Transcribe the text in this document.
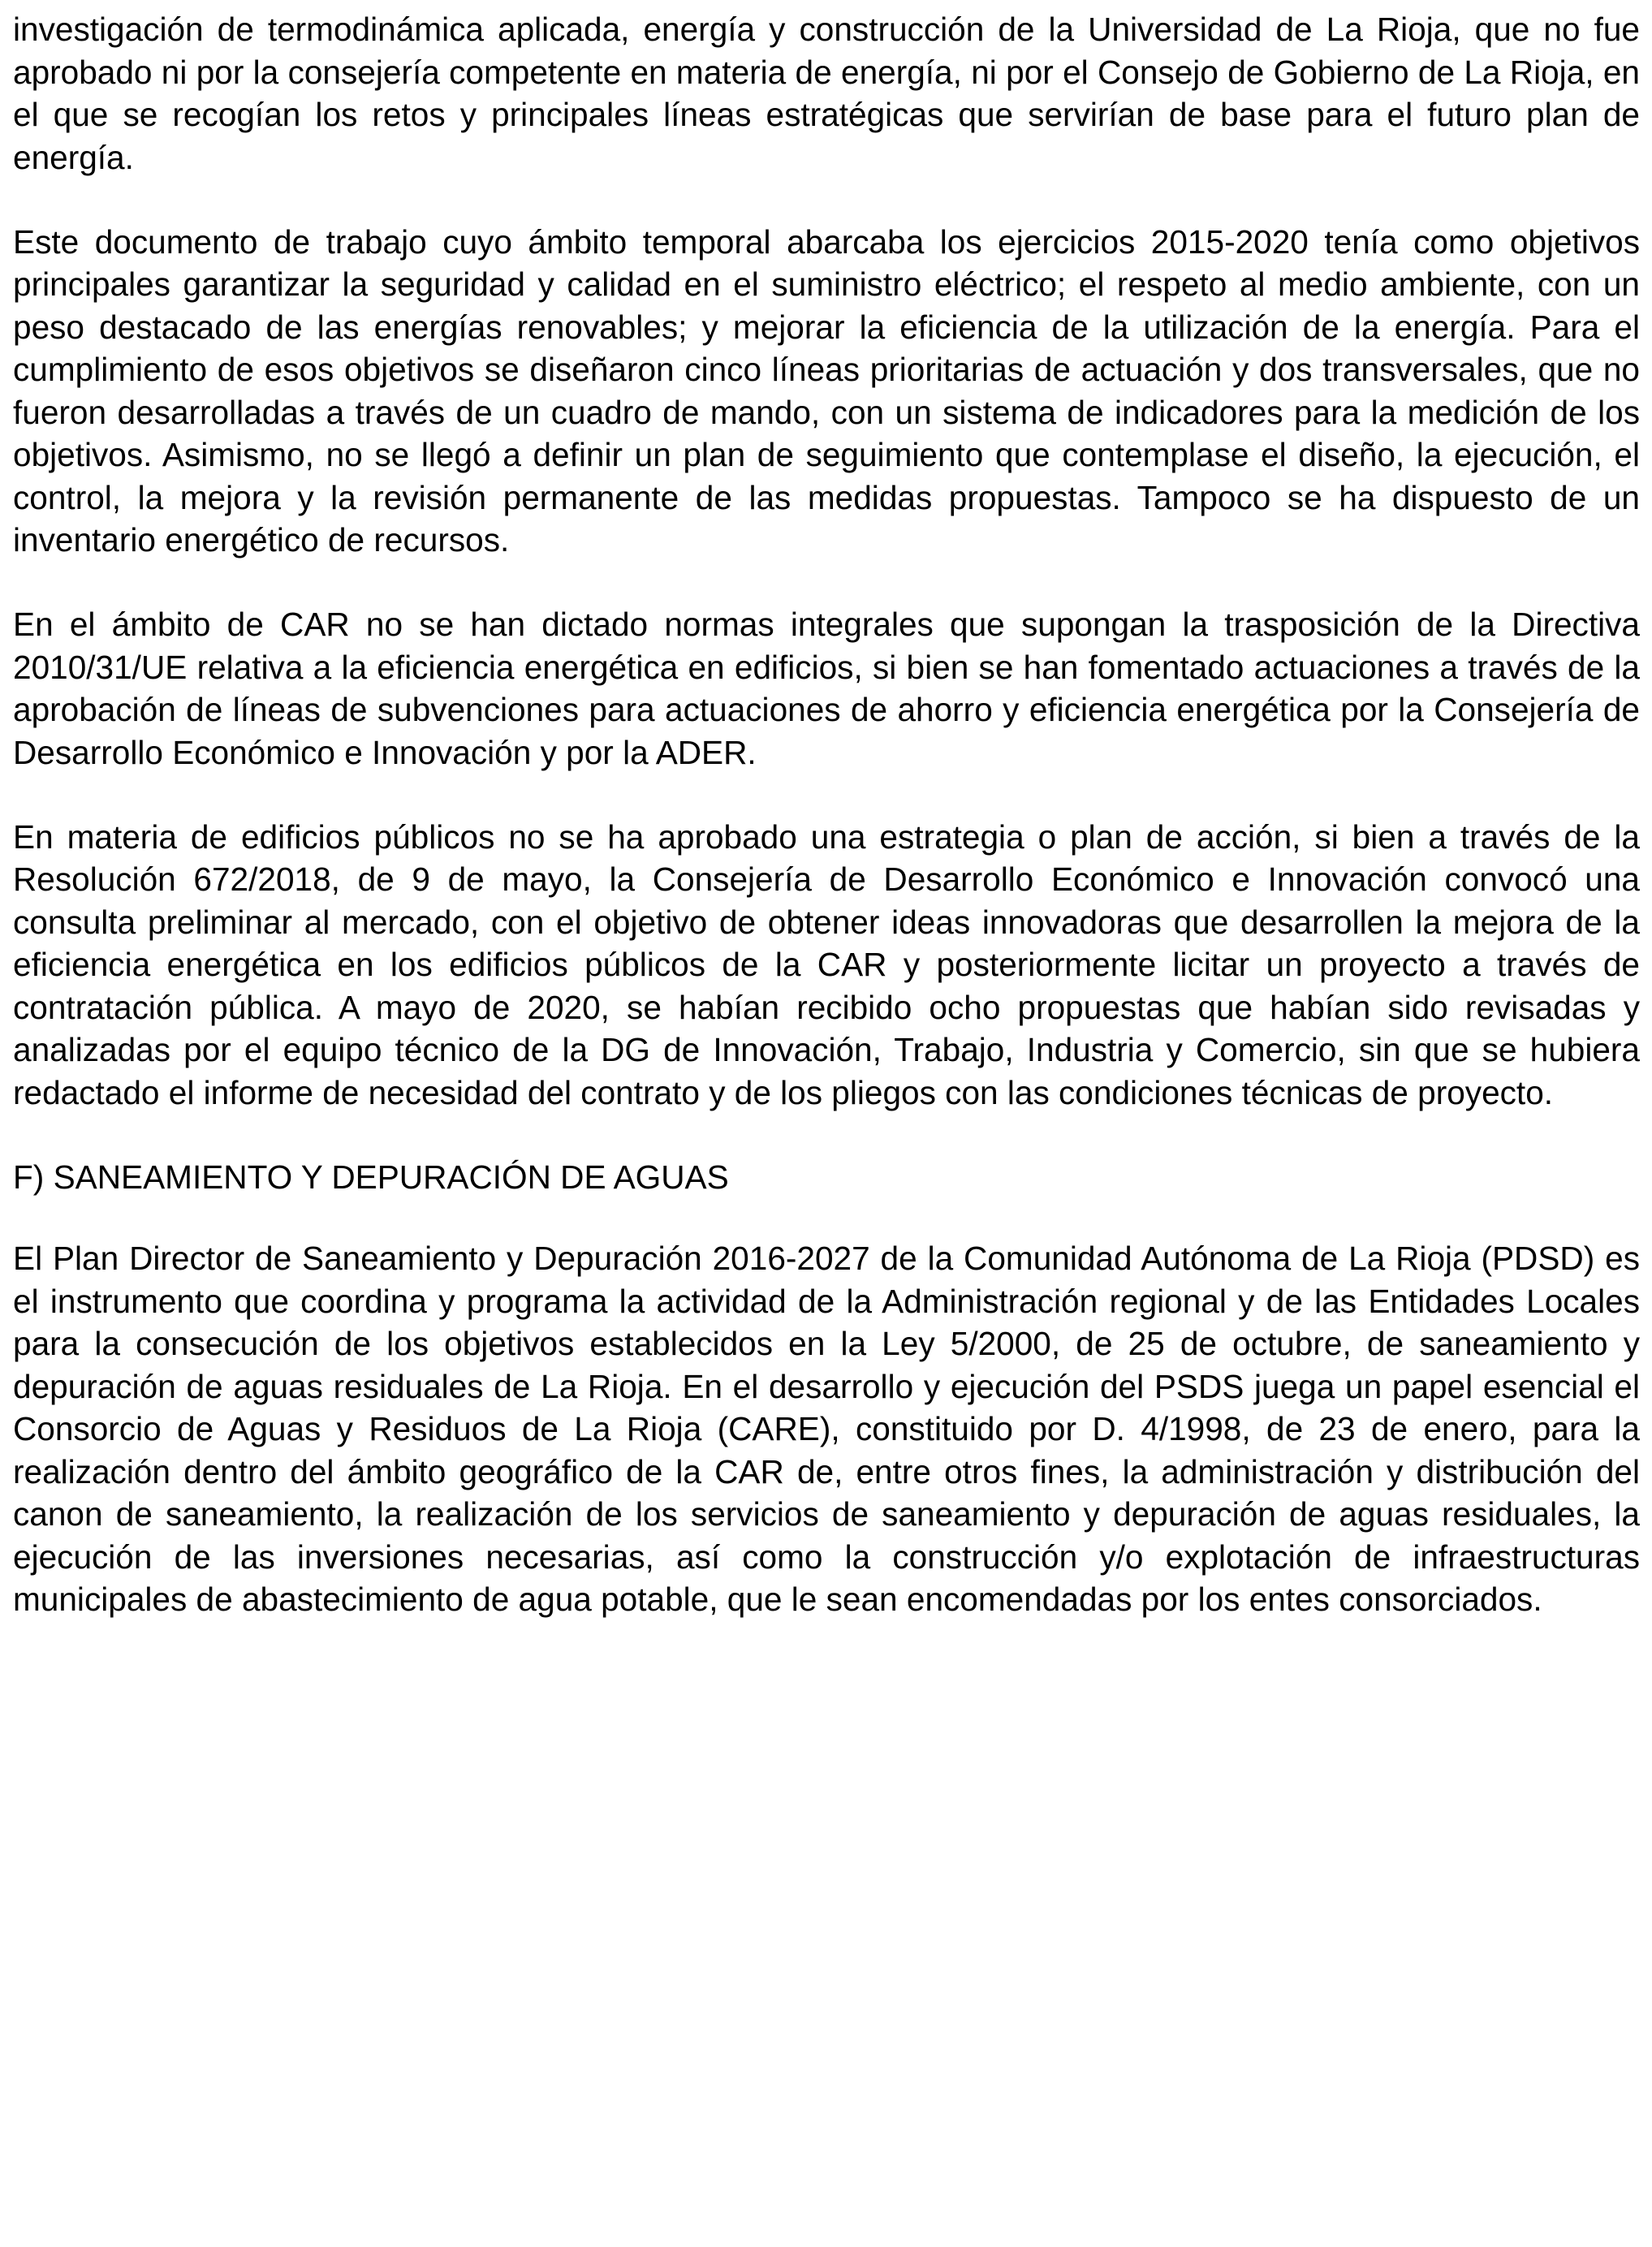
investigación de termodinámica aplicada, energía y construcción de la Universidad de La Rioja, que no fue aprobado ni por la consejería competente en materia de energía, ni por el Consejo de Gobierno de La Rioja, en el que se recogían los retos y principales líneas estratégicas que servirían de base para el futuro plan de energía.

Este documento de trabajo cuyo ámbito temporal abarcaba los ejercicios 2015-2020 tenía como objetivos principales garantizar la seguridad y calidad en el suministro eléctrico; el respeto al medio ambiente, con un peso destacado de las energías renovables; y mejorar la eficiencia de la utilización de la energía. Para el cumplimiento de esos objetivos se diseñaron cinco líneas prioritarias de actuación y dos transversales, que no fueron desarrolladas a través de un cuadro de mando, con un sistema de indicadores para la medición de los objetivos. Asimismo, no se llegó a definir un plan de seguimiento que contemplase el diseño, la ejecución, el control, la mejora y la revisión permanente de las medidas propuestas. Tampoco se ha dispuesto de un inventario energético de recursos.

En el ámbito de CAR no se han dictado normas integrales que supongan la trasposición de la Directiva 2010/31/UE relativa a la eficiencia energética en edificios, si bien se han fomentado actuaciones a través de la aprobación de líneas de subvenciones para actuaciones de ahorro y eficiencia energética por la Consejería de Desarrollo Económico e Innovación y por la ADER.

En materia de edificios públicos no se ha aprobado una estrategia o plan de acción, si bien a través de la Resolución 672/2018, de 9 de mayo, la Consejería de Desarrollo Económico e Innovación convocó una consulta preliminar al mercado, con el objetivo de obtener ideas innovadoras que desarrollen la mejora de la eficiencia energética en los edificios públicos de la CAR y posteriormente licitar un proyecto a través de contratación pública. A mayo de 2020, se habían recibido ocho propuestas que habían sido revisadas y analizadas por el equipo técnico de la DG de Innovación, Trabajo, Industria y Comercio, sin que se hubiera redactado el informe de necesidad del contrato y de los pliegos con las condiciones técnicas de proyecto.

F) SANEAMIENTO Y DEPURACIÓN DE AGUAS

El Plan Director de Saneamiento y Depuración 2016-2027 de la Comunidad Autónoma de La Rioja (PDSD) es el instrumento que coordina y programa la actividad de la Administración regional y de las Entidades Locales para la consecución de los objetivos establecidos en la Ley 5/2000, de 25 de octubre, de saneamiento y depuración de aguas residuales de La Rioja. En el desarrollo y ejecución del PSDS juega un papel esencial el Consorcio de Aguas y Residuos de La Rioja (CARE), constituido por D. 4/1998, de 23 de enero, para la realización dentro del ámbito geográfico de la CAR de, entre otros fines, la administración y distribución del canon de saneamiento, la realización de los servicios de saneamiento y depuración de aguas residuales, la ejecución de las inversiones necesarias, así como la construcción y/o explotación de infraestructuras municipales de abastecimiento de agua potable, que le sean encomendadas por los entes consorciados.
